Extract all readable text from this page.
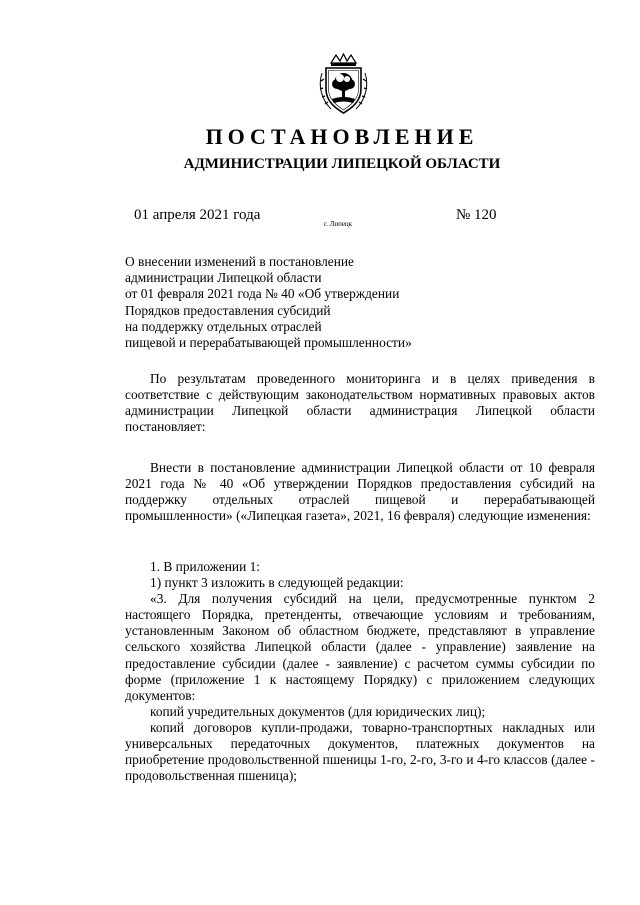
ПОСТАНОВЛЕНИЕ
АДМИНИСТРАЦИИ ЛИПЕЦКОЙ ОБЛАСТИ
01 апреля 2021 года
г. Липецк
№ 120
О внесении изменений в постановление
администрации Липецкой области
от 01 февраля 2021 года № 40 «Об утверждении
Порядков предоставления субсидий
на поддержку отдельных отраслей
пищевой и перерабатывающей промышленности»
По результатам проведенного мониторинга и в целях приведения в соответствие с действующим законодательством нормативных правовых актов администрации Липецкой области администрация Липецкой области постановляет:
Внести в постановление администрации Липецкой области от 10 февраля 2021 года № 40 «Об утверждении Порядков предоставления субсидий на поддержку отдельных отраслей пищевой и перерабатывающей промышленности» («Липецкая газета», 2021, 16 февраля) следующие изменения:
1. В приложении 1:
1) пункт 3 изложить в следующей редакции:
«3. Для получения субсидий на цели, предусмотренные пунктом 2 настоящего Порядка, претенденты, отвечающие условиям и требованиям, установленным Законом об областном бюджете, представляют в управление сельского хозяйства Липецкой области (далее - управление) заявление на предоставление субсидии (далее - заявление) с расчетом суммы субсидии по форме (приложение 1 к настоящему Порядку) с приложением следующих документов:
копий учредительных документов (для юридических лиц);
копий договоров купли-продажи, товарно-транспортных накладных или универсальных передаточных документов, платежных документов на приобретение продовольственной пшеницы 1-го, 2-го, 3-го и 4-го классов (далее - продовольственная пшеница);
